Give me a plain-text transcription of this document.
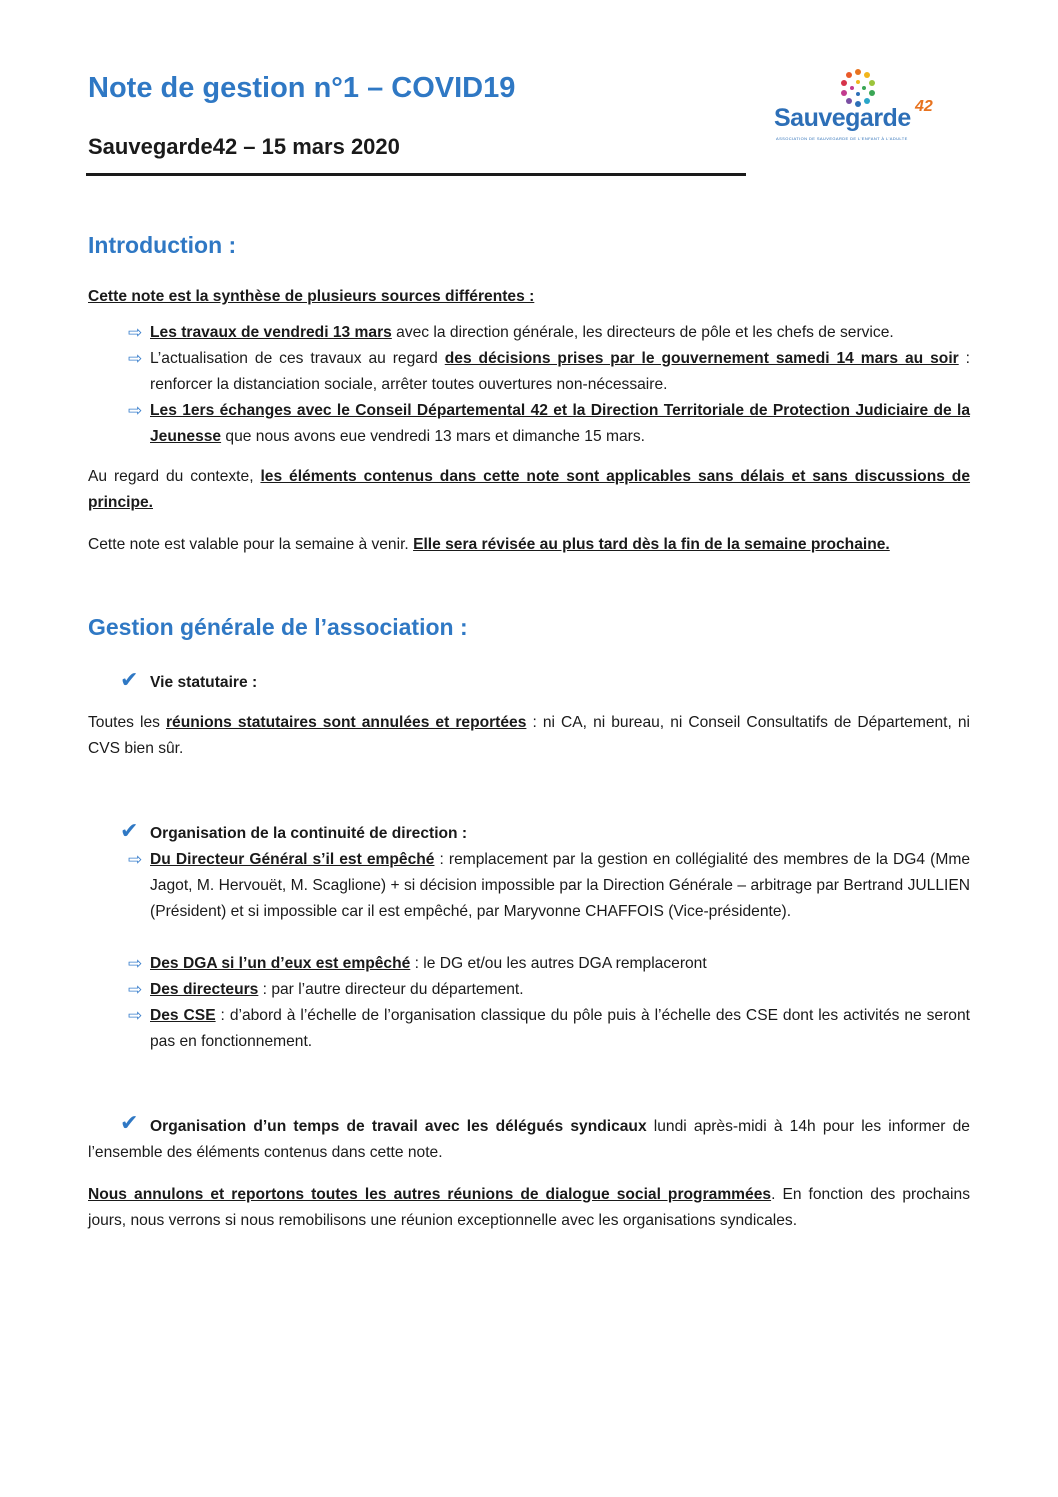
Note de gestion n°1 – COVID19
Sauvegarde42 – 15 mars 2020
Sauvegarde 42
ASSOCIATION DE SAUVEGARDE DE L'ENFANT À L'ADULTE
Introduction :

Cette note est la synthèse de plusieurs sources différentes :

⇨ Les travaux de vendredi 13 mars avec la direction générale, les directeurs de pôle et les chefs de service.

⇨ L’actualisation de ces travaux au regard des décisions prises par le gouvernement samedi 14 mars au soir : renforcer la distanciation sociale, arrêter toutes ouvertures non-nécessaire.

⇨ Les 1ers échanges avec le Conseil Départemental 42 et la Direction Territoriale de Protection Judiciaire de la Jeunesse que nous avons eue vendredi 13 mars et dimanche 15 mars.

Au regard du contexte, les éléments contenus dans cette note sont applicables sans délais et sans discussions de principe.

Cette note est valable pour la semaine à venir. Elle sera révisée au plus tard dès la fin de la semaine prochaine.

Gestion générale de l’association :
✔ Vie statutaire :

Toutes les réunions statutaires sont annulées et reportées : ni CA, ni bureau, ni Conseil Consultatifs de Département, ni CVS bien sûr.

✔ Organisation de la continuité de direction :

⇨ Du Directeur Général s’il est empêché : remplacement par la gestion en collégialité des membres de la DG4 (Mme Jagot, M. Hervouët, M. Scaglione) + si décision impossible par la Direction Générale – arbitrage par Bertrand JULLIEN (Président) et si impossible car il est empêché, par Maryvonne CHAFFOIS (Vice-présidente).

⇨ Des DGA si l’un d’eux est empêché : le DG et/ou les autres DGA remplaceront

⇨ Des directeurs : par l’autre directeur du département.

⇨ Des CSE : d’abord à l’échelle de l’organisation classique du pôle puis à l’échelle des CSE dont les activités ne seront pas en fonctionnement.

✔ Organisation d’un temps de travail avec les délégués syndicaux lundi après-midi à 14h pour les informer de l’ensemble des éléments contenus dans cette note.

Nous annulons et reportons toutes les autres réunions de dialogue social programmées. En fonction des prochains jours, nous verrons si nous remobilisons une réunion exceptionnelle avec les organisations syndicales.
